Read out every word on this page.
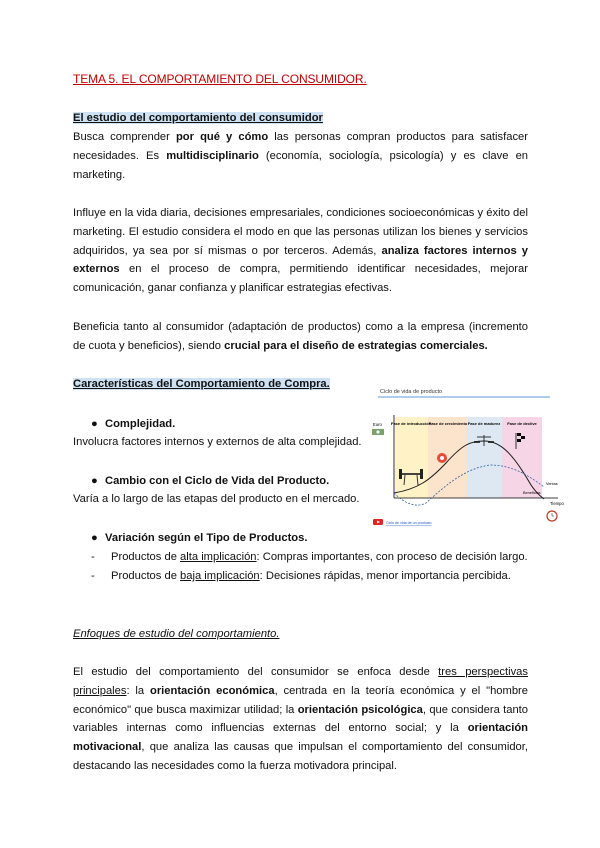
TEMA 5. EL COMPORTAMIENTO DEL CONSUMIDOR.
El estudio del comportamiento del consumidor
Busca comprender por qué y cómo las personas compran productos para satisfacer necesidades. Es multidisciplinario (economía, sociología, psicología) y es clave en marketing.
Influye en la vida diaria, decisiones empresariales, condiciones socioeconómicas y éxito del marketing. El estudio considera el modo en que las personas utilizan los bienes y servicios adquiridos, ya sea por sí mismas o por terceros. Además, analiza factores internos y externos en el proceso de compra, permitiendo identificar necesidades, mejorar comunicación, ganar confianza y planificar estrategias efectivas.
Beneficia tanto al consumidor (adaptación de productos) como a la empresa (incremento de cuota y beneficios), siendo crucial para el diseño de estrategias comerciales.
Características del Comportamiento de Compra.
● Complejidad.
Involucra factores internos y externos de alta complejidad.
● Cambio con el Ciclo de Vida del Producto.
Varía a lo largo de las etapas del producto en el mercado.
● Variación según el Tipo de Productos.
- Productos de alta implicación: Compras importantes, con proceso de decisión largo.
- Productos de baja implicación: Decisiones rápidas, menor importancia percibida.
Enfoques de estudio del comportamiento.
El estudio del comportamiento del consumidor se enfoca desde tres perspectivas principales: la orientación económica, centrada en la teoría económica y el "hombre económico" que busca maximizar utilidad; la orientación psicológica, que considera tanto variables internas como influencias externas del entorno social; y la orientación motivacional, que analiza las causas que impulsan el comportamiento del consumidor, destacando las necesidades como la fuerza motivadora principal.
Ciclo de vida de producto
Fase de introducción
Fase de crecimiento Fase de madurez Fase de declive
Euro
Tiempo
Ventas
Beneficios
Ciclo de vida de un producto
